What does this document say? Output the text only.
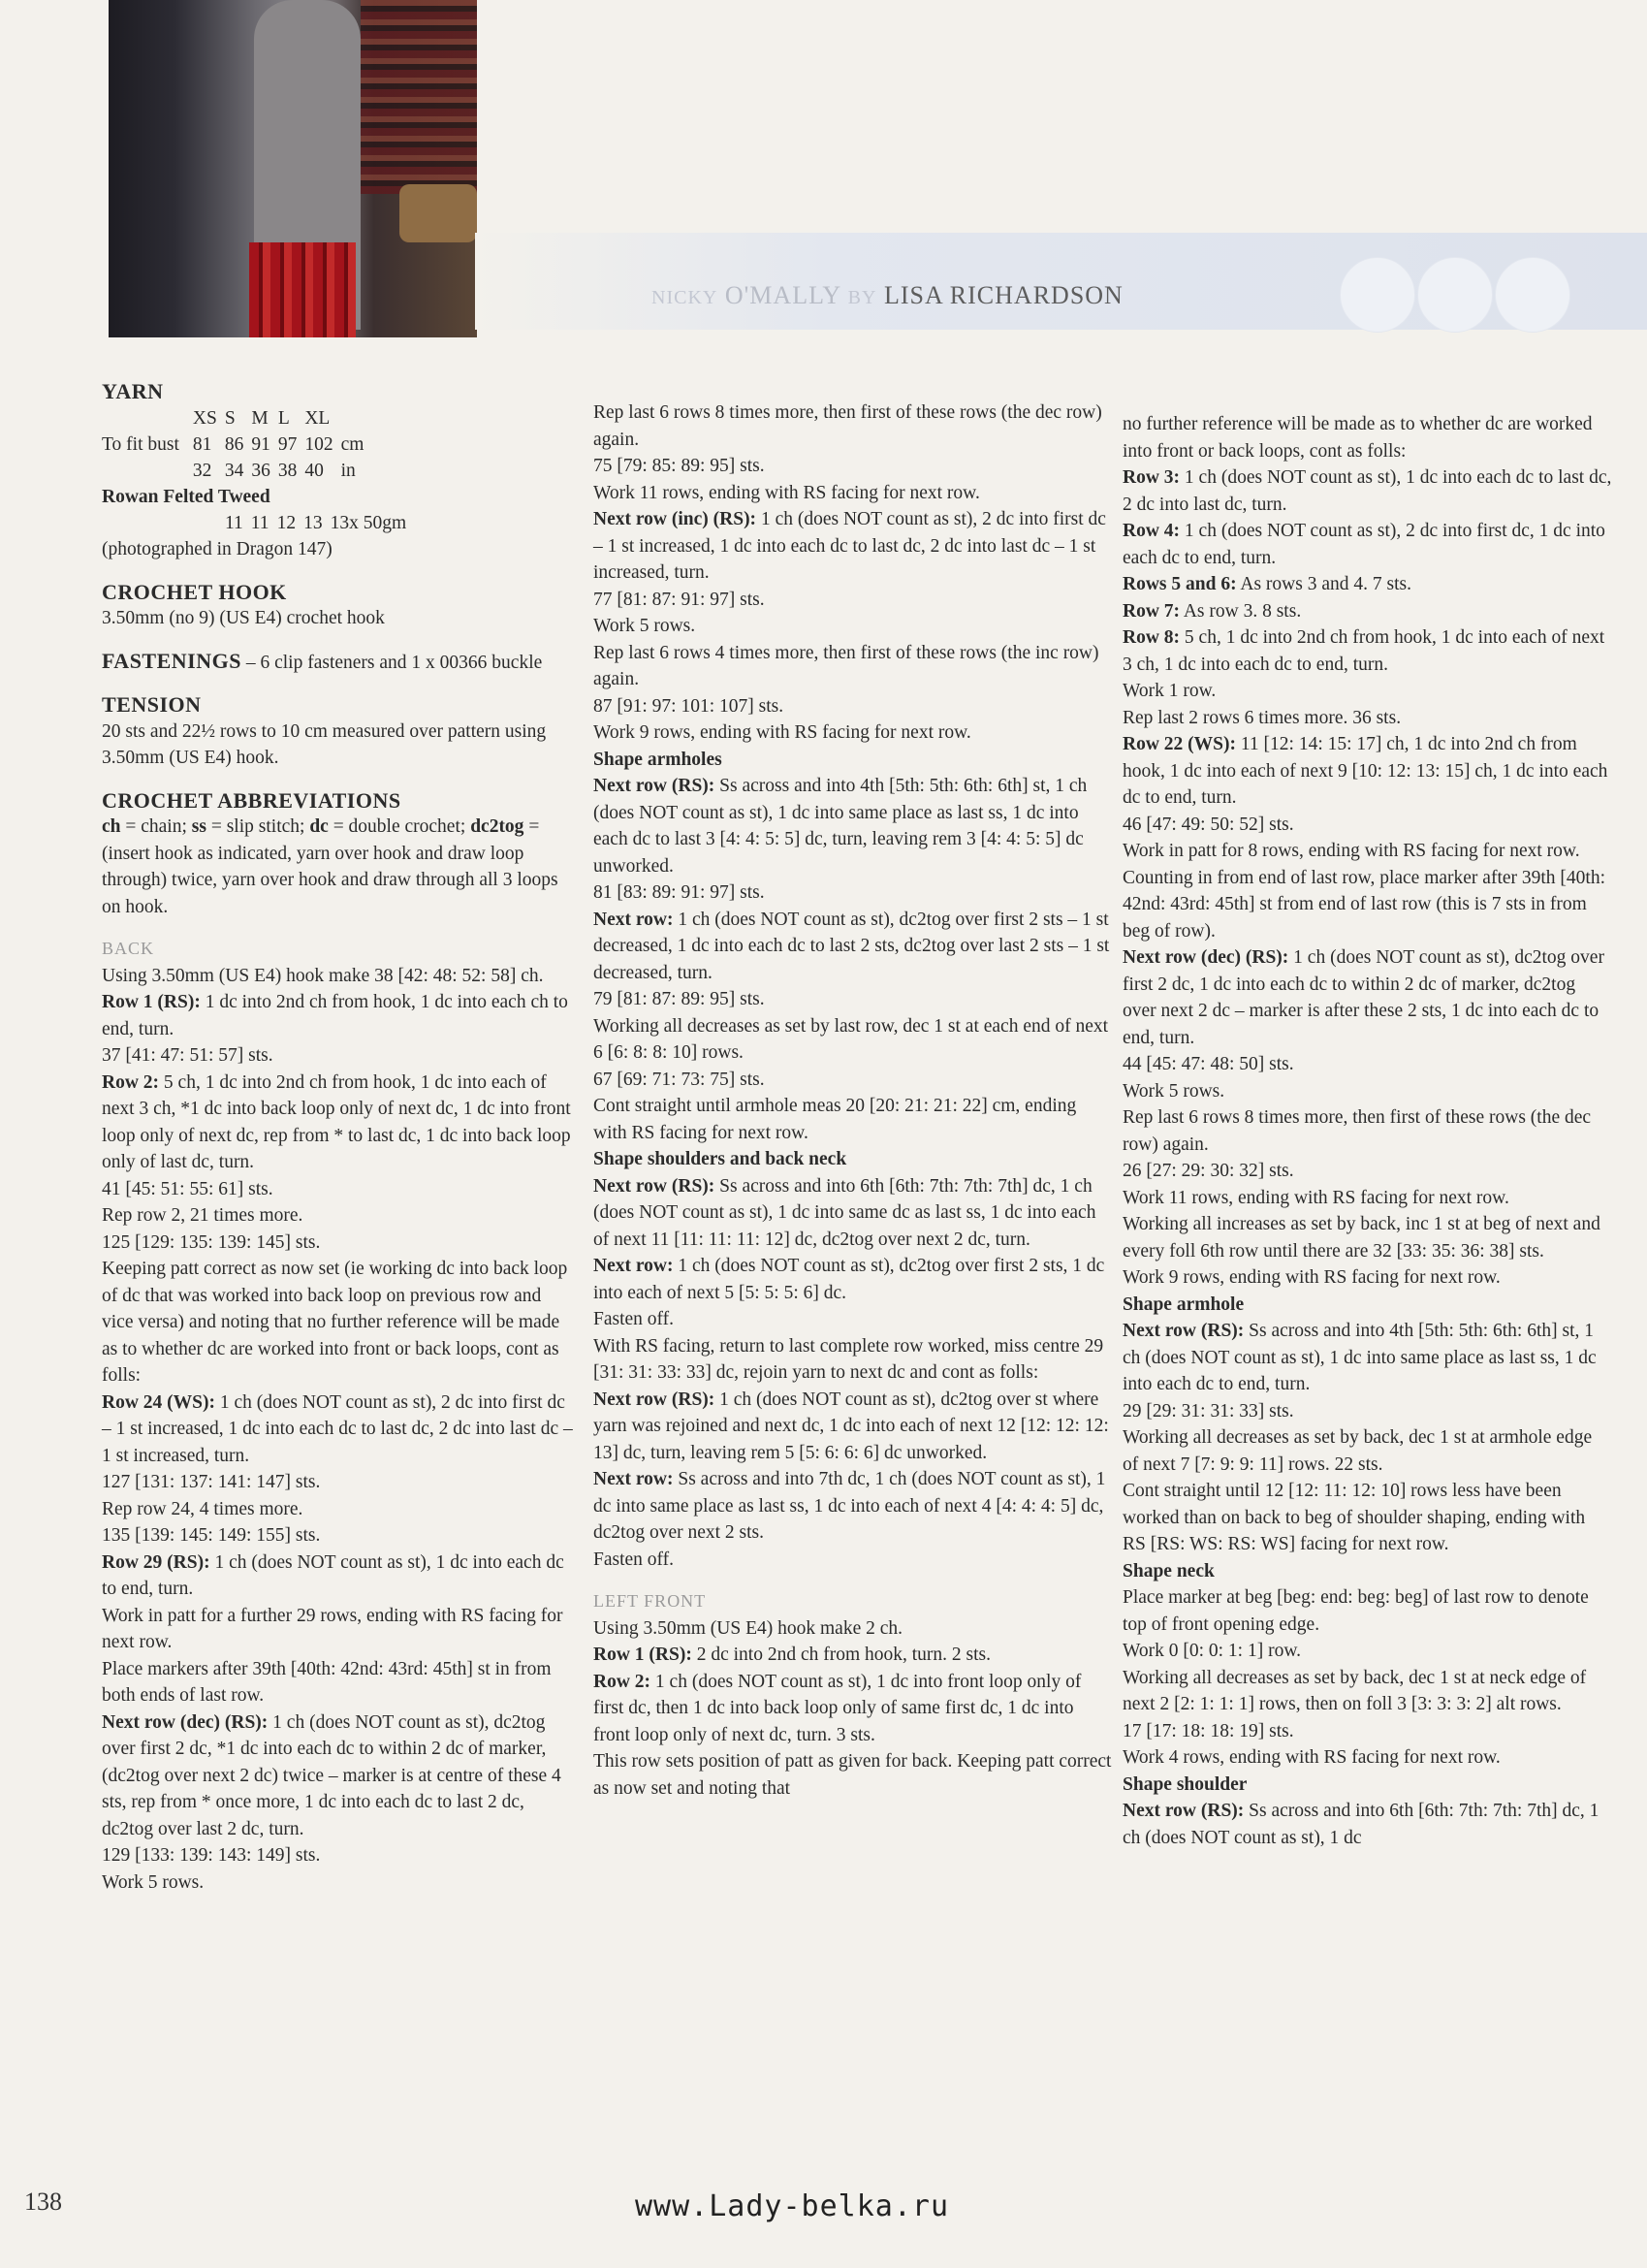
NICKY O'MALLY BY LISA RICHARDSON

YARN

	XS	S	M	L	XL	
To fit bust	81	86	91	97	102	cm
	32	34	36	38	40	in

Rowan Felted Tweed

	11	11	12	13	13x 50gm

(photographed in Dragon 147)

CROCHET HOOK

3.50mm (no 9) (US E4) crochet hook

FASTENINGS – 6 clip fasteners and 1 x 00366 buckle

TENSION

20 sts and 22½ rows to 10 cm measured over pattern using 3.50mm (US E4) hook.

CROCHET ABBREVIATIONS

ch = chain; ss = slip stitch; dc = double crochet; dc2tog = (insert hook as indicated, yarn over hook and draw loop through) twice, yarn over hook and draw through all 3 loops on hook.

BACK

Using 3.50mm (US E4) hook make 38 [42: 48: 52: 58] ch.

Row 1 (RS): 1 dc into 2nd ch from hook, 1 dc into each ch to end, turn.

37 [41: 47: 51: 57] sts.

Row 2: 5 ch, 1 dc into 2nd ch from hook, 1 dc into each of next 3 ch, *1 dc into back loop only of next dc, 1 dc into front loop only of next dc, rep from * to last dc, 1 dc into back loop only of last dc, turn.

41 [45: 51: 55: 61] sts.

Rep row 2, 21 times more.

125 [129: 135: 139: 145] sts.

Keeping patt correct as now set (ie working dc into back loop of dc that was worked into back loop on previous row and vice versa) and noting that no further reference will be made as to whether dc are worked into front or back loops, cont as folls:

Row 24 (WS): 1 ch (does NOT count as st), 2 dc into first dc – 1 st increased, 1 dc into each dc to last dc, 2 dc into last dc – 1 st increased, turn.

127 [131: 137: 141: 147] sts.

Rep row 24, 4 times more.

135 [139: 145: 149: 155] sts.

Row 29 (RS): 1 ch (does NOT count as st), 1 dc into each dc to end, turn.

Work in patt for a further 29 rows, ending with RS facing for next row.

Place markers after 39th [40th: 42nd: 43rd: 45th] st in from both ends of last row.

Next row (dec) (RS): 1 ch (does NOT count as st), dc2tog over first 2 dc, *1 dc into each dc to within 2 dc of marker, (dc2tog over next 2 dc) twice – marker is at centre of these 4 sts, rep from * once more, 1 dc into each dc to last 2 dc, dc2tog over last 2 dc, turn.

129 [133: 139: 143: 149] sts.

Work 5 rows.

Rep last 6 rows 8 times more, then first of these rows (the dec row) again.

75 [79: 85: 89: 95] sts.

Work 11 rows, ending with RS facing for next row.

Next row (inc) (RS): 1 ch (does NOT count as st), 2 dc into first dc – 1 st increased, 1 dc into each dc to last dc, 2 dc into last dc – 1 st increased, turn.

77 [81: 87: 91: 97] sts.

Work 5 rows.

Rep last 6 rows 4 times more, then first of these rows (the inc row) again.

87 [91: 97: 101: 107] sts.

Work 9 rows, ending with RS facing for next row.

Shape armholes

Next row (RS): Ss across and into 4th [5th: 5th: 6th: 6th] st, 1 ch (does NOT count as st), 1 dc into same place as last ss, 1 dc into each dc to last 3 [4: 4: 5: 5] dc, turn, leaving rem 3 [4: 4: 5: 5] dc unworked.

81 [83: 89: 91: 97] sts.

Next row: 1 ch (does NOT count as st), dc2tog over first 2 sts – 1 st decreased, 1 dc into each dc to last 2 sts, dc2tog over last 2 sts – 1 st decreased, turn.

79 [81: 87: 89: 95] sts.

Working all decreases as set by last row, dec 1 st at each end of next 6 [6: 8: 8: 10] rows.

67 [69: 71: 73: 75] sts.

Cont straight until armhole meas 20 [20: 21: 21: 22] cm, ending with RS facing for next row.

Shape shoulders and back neck

Next row (RS): Ss across and into 6th [6th: 7th: 7th: 7th] dc, 1 ch (does NOT count as st), 1 dc into same dc as last ss, 1 dc into each of next 11 [11: 11: 11: 12] dc, dc2tog over next 2 dc, turn.

Next row: 1 ch (does NOT count as st), dc2tog over first 2 sts, 1 dc into each of next 5 [5: 5: 5: 6] dc.

Fasten off.

With RS facing, return to last complete row worked, miss centre 29 [31: 31: 33: 33] dc, rejoin yarn to next dc and cont as folls:

Next row (RS): 1 ch (does NOT count as st), dc2tog over st where yarn was rejoined and next dc, 1 dc into each of next 12 [12: 12: 12: 13] dc, turn, leaving rem 5 [5: 6: 6: 6] dc unworked.

Next row: Ss across and into 7th dc, 1 ch (does NOT count as st), 1 dc into same place as last ss, 1 dc into each of next 4 [4: 4: 4: 5] dc, dc2tog over next 2 sts.

Fasten off.

LEFT FRONT

Using 3.50mm (US E4) hook make 2 ch.

Row 1 (RS): 2 dc into 2nd ch from hook, turn. 2 sts.

Row 2: 1 ch (does NOT count as st), 1 dc into front loop only of first dc, then 1 dc into back loop only of same first dc, 1 dc into front loop only of next dc, turn. 3 sts.

This row sets position of patt as given for back. Keeping patt correct as now set and noting that

no further reference will be made as to whether dc are worked into front or back loops, cont as folls:

Row 3: 1 ch (does NOT count as st), 1 dc into each dc to last dc, 2 dc into last dc, turn.

Row 4: 1 ch (does NOT count as st), 2 dc into first dc, 1 dc into each dc to end, turn.

Rows 5 and 6: As rows 3 and 4. 7 sts.

Row 7: As row 3. 8 sts.

Row 8: 5 ch, 1 dc into 2nd ch from hook, 1 dc into each of next 3 ch, 1 dc into each dc to end, turn.

Work 1 row.

Rep last 2 rows 6 times more. 36 sts.

Row 22 (WS): 11 [12: 14: 15: 17] ch, 1 dc into 2nd ch from hook, 1 dc into each of next 9 [10: 12: 13: 15] ch, 1 dc into each dc to end, turn.

46 [47: 49: 50: 52] sts.

Work in patt for 8 rows, ending with RS facing for next row.

Counting in from end of last row, place marker after 39th [40th: 42nd: 43rd: 45th] st from end of last row (this is 7 sts in from beg of row).

Next row (dec) (RS): 1 ch (does NOT count as st), dc2tog over first 2 dc, 1 dc into each dc to within 2 dc of marker, dc2tog over next 2 dc – marker is after these 2 sts, 1 dc into each dc to end, turn.

44 [45: 47: 48: 50] sts.

Work 5 rows.

Rep last 6 rows 8 times more, then first of these rows (the dec row) again.

26 [27: 29: 30: 32] sts.

Work 11 rows, ending with RS facing for next row.

Working all increases as set by back, inc 1 st at beg of next and every foll 6th row until there are 32 [33: 35: 36: 38] sts.

Work 9 rows, ending with RS facing for next row.

Shape armhole

Next row (RS): Ss across and into 4th [5th: 5th: 6th: 6th] st, 1 ch (does NOT count as st), 1 dc into same place as last ss, 1 dc into each dc to end, turn.

29 [29: 31: 31: 33] sts.

Working all decreases as set by back, dec 1 st at armhole edge of next 7 [7: 9: 9: 11] rows. 22 sts.

Cont straight until 12 [12: 11: 12: 10] rows less have been worked than on back to beg of shoulder shaping, ending with RS [RS: WS: RS: WS] facing for next row.

Shape neck

Place marker at beg [beg: end: beg: beg] of last row to denote top of front opening edge.

Work 0 [0: 0: 1: 1] row.

Working all decreases as set by back, dec 1 st at neck edge of next 2 [2: 1: 1: 1] rows, then on foll 3 [3: 3: 3: 2] alt rows.

17 [17: 18: 18: 19] sts.

Work 4 rows, ending with RS facing for next row.

Shape shoulder

Next row (RS): Ss across and into 6th [6th: 7th: 7th: 7th] dc, 1 ch (does NOT count as st), 1 dc

138	www.Lady-belka.ru
